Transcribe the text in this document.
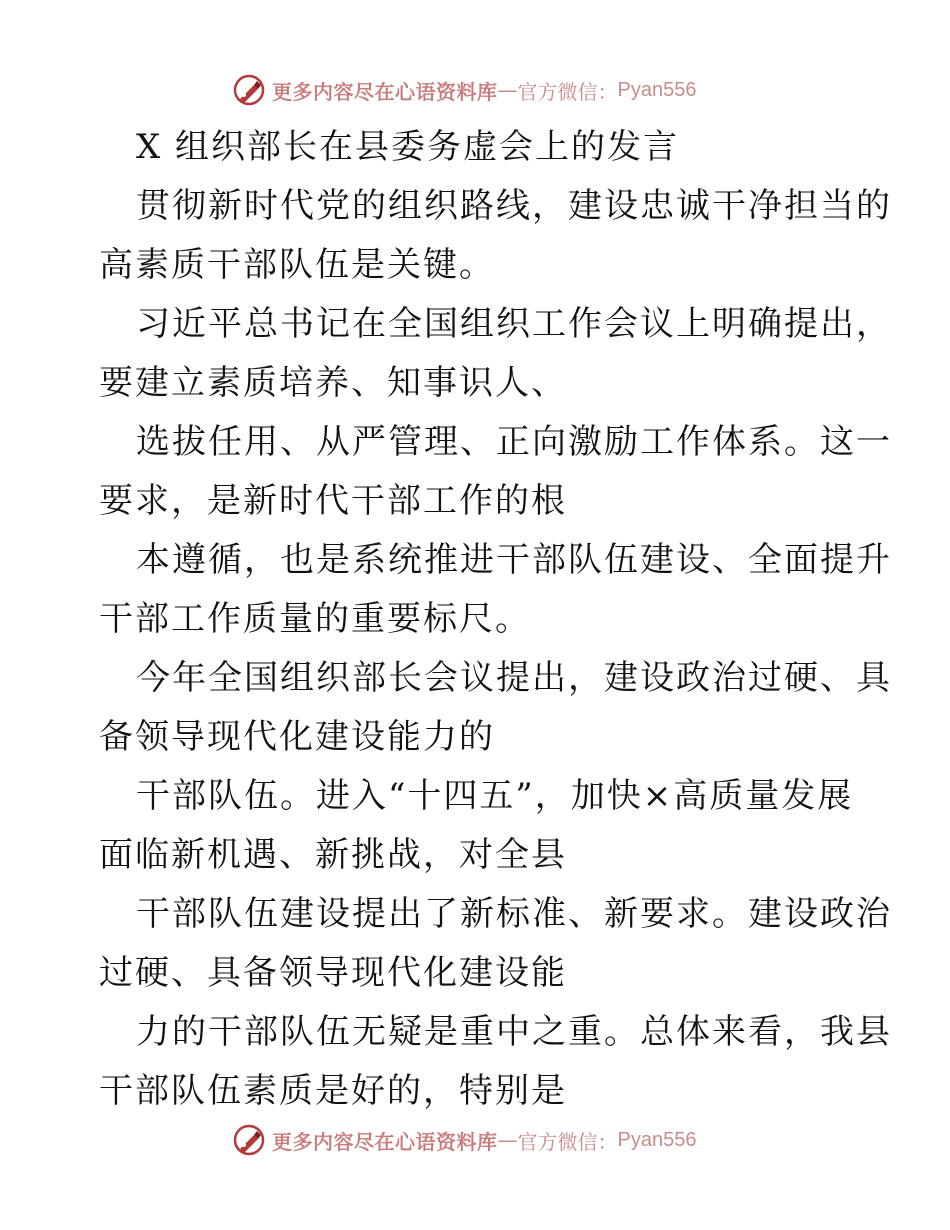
更多内容尽在心语资料库 — 官方微信： Pyan556
X 组织部长在县委务虚会上的发言
贯彻新时代党的组织路线，建设忠诚干净担当的
高素质干部队伍是关键。
习近平总书记在全国组织工作会议上明确提出，
要建立素质培养、知事识人、
选拔任用、从严管理、正向激励工作体系。这一
要求，是新时代干部工作的根
本遵循，也是系统推进干部队伍建设、全面提升
干部工作质量的重要标尺。
今年全国组织部长会议提出，建设政治过硬、具
备领导现代化建设能力的
干部队伍。进入“十四五”，加快×高质量发展
面临新机遇、新挑战，对全县
干部队伍建设提出了新标准、新要求。建设政治
过硬、具备领导现代化建设能
力的干部队伍无疑是重中之重。总体来看，我县
干部队伍素质是好的，特别是
更多内容尽在心语资料库 — 官方微信： Pyan556
